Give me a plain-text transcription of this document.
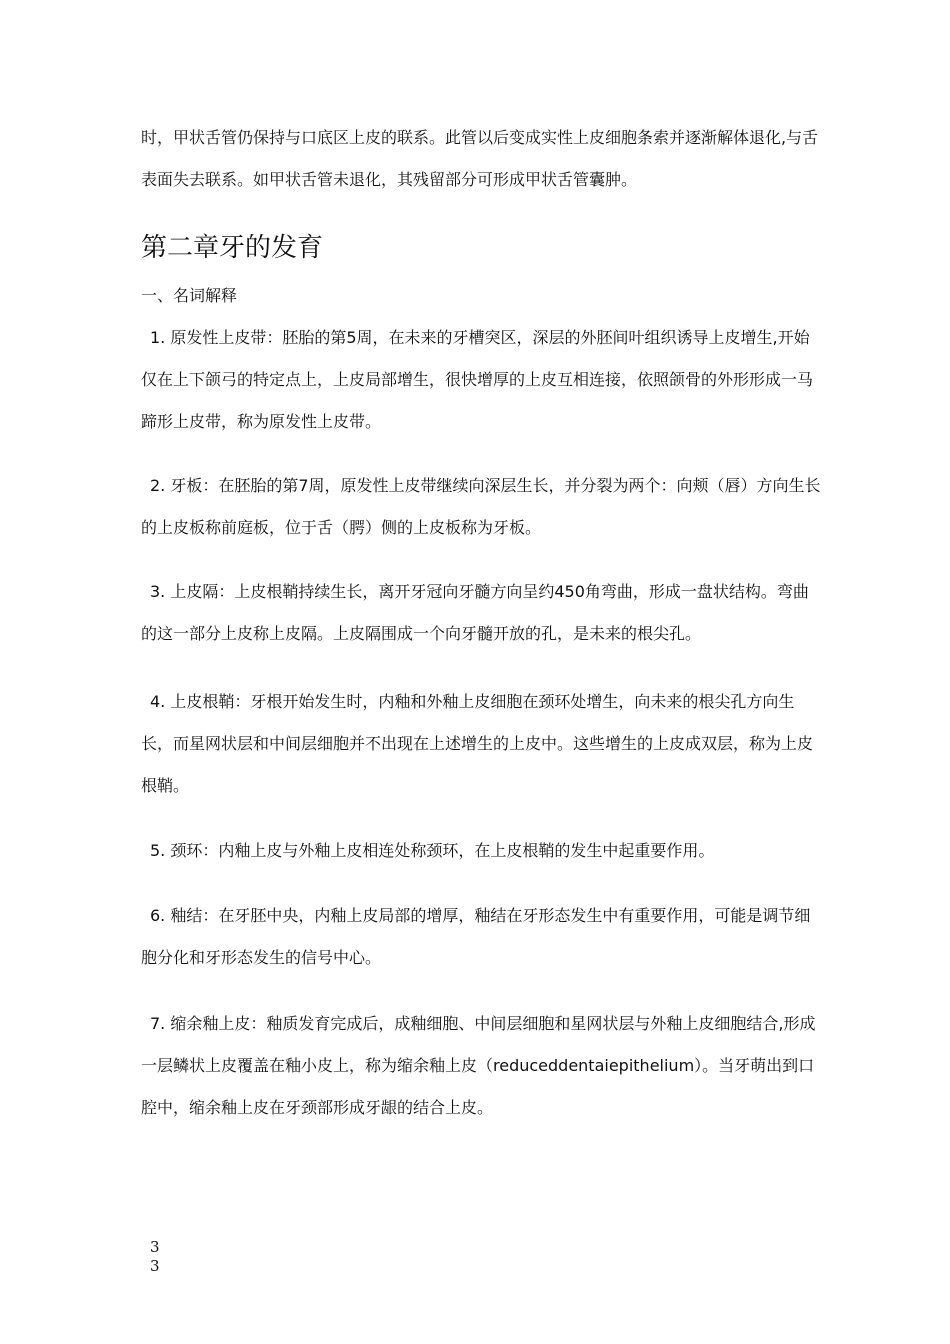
时，甲状舌管仍保持与口底区上皮的联系。此管以后变成实性上皮细胞条索并逐渐解体退化,与舌表面失去联系。如甲状舌管未退化，其残留部分可形成甲状舌管囊肿。

第二章牙的发育
一、名词解释

1. 原发性上皮带：胚胎的第5周，在未来的牙槽突区，深层的外胚间叶组织诱导上皮增生,开始仅在上下颌弓的特定点上，上皮局部增生，很快增厚的上皮互相连接，依照颌骨的外形形成一马蹄形上皮带，称为原发性上皮带。

2. 牙板：在胚胎的第7周，原发性上皮带继续向深层生长，并分裂为两个：向颊（唇）方向生长的上皮板称前庭板，位于舌（腭）侧的上皮板称为牙板。

3. 上皮隔：上皮根鞘持续生长，离开牙冠向牙髓方向呈约450角弯曲，形成一盘状结构。弯曲的这一部分上皮称上皮隔。上皮隔围成一个向牙髓开放的孔，是未来的根尖孔。

4. 上皮根鞘：牙根开始发生时，内釉和外釉上皮细胞在颈环处增生，向未来的根尖孔方向生长，而星网状层和中间层细胞并不出现在上述增生的上皮中。这些增生的上皮成双层，称为上皮根鞘。

5. 颈环：内釉上皮与外釉上皮相连处称颈环，在上皮根鞘的发生中起重要作用。

6. 釉结：在牙胚中央，内釉上皮局部的增厚，釉结在牙形态发生中有重要作用，可能是调节细胞分化和牙形态发生的信号中心。

7. 缩余釉上皮：釉质发育完成后，成釉细胞、中间层细胞和星网状层与外釉上皮细胞结合,形成一层鳞状上皮覆盖在釉小皮上，称为缩余釉上皮（reduceddentaiepithelium）。当牙萌出到口腔中，缩余釉上皮在牙颈部形成牙龈的结合上皮。

3
3
